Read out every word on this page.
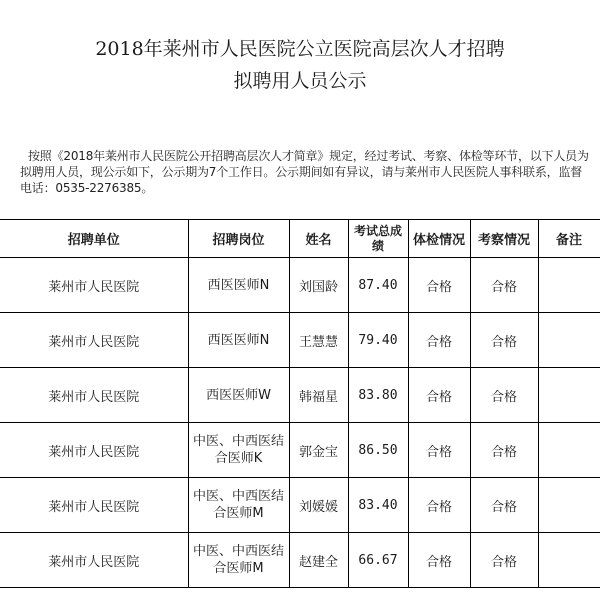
2018年莱州市人民医院公立医院高层次人才招聘
拟聘用人员公示
按照《2018年莱州市人民医院公开招聘高层次人才简章》规定，经过考试、考察、体检等环节，以下人员为拟聘用人员，现公示如下，公示期为7个工作日。公示期间如有异议，请与莱州市人民医院人事科联系，监督电话：0535-2276385。
招聘单位	招聘岗位	姓名	考试总成绩	体检情况	考察情况	备注
莱州市人民医院	西医医师N	刘国龄	87.40	合格	合格	
莱州市人民医院	西医医师N	王慧慧	79.40	合格	合格	
莱州市人民医院	西医医师W	韩福星	83.80	合格	合格	
莱州市人民医院	中医、中西医结合医师K	郭金宝	86.50	合格	合格	
莱州市人民医院	中医、中西医结合医师M	刘媛媛	83.40	合格	合格	
莱州市人民医院	中医、中西医结合医师M	赵建全	66.67	合格	合格	
